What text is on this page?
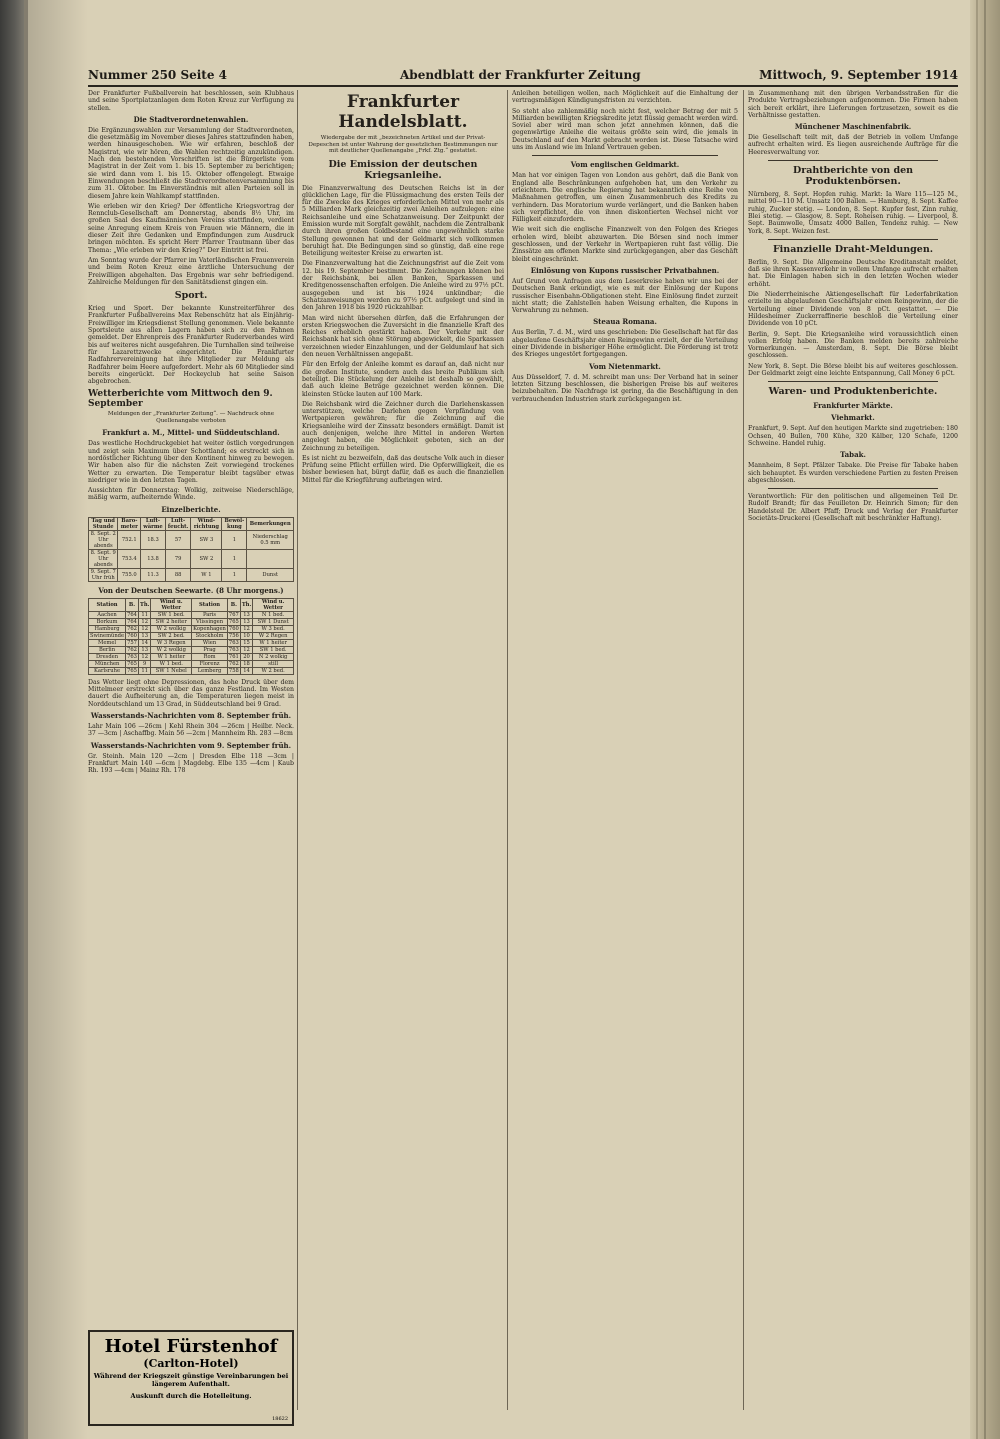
Nummer 250 Seite 4	Abendblatt der Frankfurter Zeitung	Mittwoch, 9. September 1914

Der Frankfurter Fußballverein hat beschlossen, sein Klubhaus und seine Sportplatzanlagen dem Roten Kreuz zur Verfügung zu stellen.

Die Stadtverordnetenwahlen.

Die Ergänzungswahlen zur Versammlung der Stadtverordneten, die gesetzmäßig im November dieses Jahres stattzufinden haben, werden hinausgeschoben. Wie wir erfahren, beschloß der Magistrat, wie wir hören, die Wahlen rechtzeitig anzukündigen. Nach den bestehenden Vorschriften ist die Bürgerliste vom Magistrat in der Zeit vom 1. bis 15. September zu berichtigen; sie wird dann vom 1. bis 15. Oktober offengelegt. Etwaige Einwendungen beschließt die Stadtverordnetenversammlung bis zum 31. Oktober. Im Einverständnis mit allen Parteien soll in diesem Jahre kein Wahlkampf stattfinden.

Wie erleben wir den Krieg? Der öffentliche Kriegsvortrag der Rennclub-Gesellschaft am Donnerstag, abends 8½ Uhr, im großen Saal des Kaufmännischen Vereins stattfinden, verdient seine Anregung einem Kreis von Frauen wie Männern, die in dieser Zeit ihre Gedanken und Empfindungen zum Ausdruck bringen möchten. Es spricht Herr Pfarrer Trautmann über das Thema: „Wie erleben wir den Krieg?“ Der Eintritt ist frei.

Am Sonntag wurde der Pfarrer im Vaterländischen Frauenverein und beim Roten Kreuz eine ärztliche Untersuchung der Freiwilligen abgehalten. Das Ergebnis war sehr befriedigend. Zahlreiche Meldungen für den Sanitätsdienst gingen ein.

Sport.

Krieg und Sport. Der bekannte Kunstreiterführer des Frankfurter Fußballvereins Max Rebenschütz hat als Einjährig-Freiwilliger im Kriegsdienst Stellung genommen. Viele bekannte Sportsleute aus allen Lagern haben sich zu den Fahnen gemeldet. Der Ehrenpreis des Frankfurter Ruderverbandes wird bis auf weiteres nicht ausgefahren. Die Turnhallen sind teilweise für Lazarettzwecke eingerichtet. Die Frankfurter Radfahrervereinigung hat ihre Mitglieder zur Meldung als Radfahrer beim Heere aufgefordert. Mehr als 60 Mitglieder sind bereits eingerückt. Der Hockeyclub hat seine Saison abgebrochen.

Wetterberichte vom Mittwoch den 9. September
Meldungen der „Frankfurter Zeitung“. — Nachdruck ohne Quellenangabe verboten
Frankfurt a. M., Mittel- und Süddeutschland.

Das westliche Hochdruckgebiet hat weiter östlich vorgedrungen und zeigt sein Maximum über Schottland; es erstreckt sich in nordöstlicher Richtung über den Kontinent hinweg zu bewegen. Wir haben also für die nächsten Zeit vorwiegend trockenes Wetter zu erwarten. Die Temperatur bleibt tagsüber etwas niedriger wie in den letzten Tagen.

Aussichten für Donnerstag: Wolkig, zeitweise Niederschläge, mäßig warm, aufheiternde Winde.

Einzelberichte.
Tag und Stunde	Baro-meter	Luft-wärme	Luft-feucht.	Wind-richtung	Bewöl-kung	Bemerkungen
8. Sept. 2 Uhr abends	752.1	18.3	57	SW 3	1	Niederschlag 0.5 mm
8. Sept. 9 Uhr abends	753.4	13.8	79	SW 2	1	
9. Sept. 7 Uhr früh	755.0	11.3	88	W 1	1	Dunst
Von der Deutschen Seewarte. (8 Uhr morgens.)
Station	B.	Th.	Wind u. Wetter	Station	B.	Th.	Wind u. Wetter
Aachen	764	11	SW 1 bed.	Paris	767	13	N 1 bed.
Borkum	764	12	SW 2 heiter	Vlissingen	765	13	SW 1 Dunst
Hamburg	762	12	W 2 wolkig	Kopenhagen	760	12	W 3 bed.
Swinemünde	760	13	SW 2 bed.	Stockholm	756	10	W 2 Regen
Memel	757	14	W 3 Regen	Wien	763	15	W 1 heiter
Berlin	762	13	W 2 wolkig	Prag	763	12	SW 1 bed.
Dresden	763	12	W 1 heiter	Rom	761	20	N 2 wolkig
München	765	9	W 1 bed.	Florenz	762	18	still
Karlsruhe	765	11	SW 1 Nebel	Lemberg	758	14	W 2 bed.

Das Wetter liegt ohne Depressionen, das hohe Druck über dem Mittelmeer erstreckt sich über das ganze Festland. Im Westen dauert die Aufheiterung an, die Temperaturen liegen meist in Norddeutschland um 13 Grad, in Süddeutschland bei 9 Grad.

Wasserstands-Nachrichten vom 8. September früh.

Lahr Main 106 —26cm | Kehl Rhein 304 —26cm | Heilbr. Neck. 37 —3cm | Aschaffbg. Main 56 —2cm | Mannheim Rh. 283 —8cm

Wasserstands-Nachrichten vom 9. September früh.

Gr. Steinh. Main 120 —2cm | Dresden Elbe 118 —3cm | Frankfurt Main 140 —6cm | Magdebg. Elbe 135 —4cm | Kaub Rh. 193 —4cm | Mainz Rh. 178

Hotel Fürstenhof
(Carlton-Hotel)
Während der Kriegszeit günstige Vereinbarungen bei längerem Aufenthalt.
Auskunft durch die Hotelleitung.
18622
Frankfurter Handelsblatt.
Wiedergabe der mit „bezeichneten Artikel und der Privat-Depeschen ist unter Wahrung der gesetzlichen Bestimmungen nur mit deutlicher Quellenangabe „Frkf. Ztg.“ gestattet.
Die Emission der deutschen Kriegsanleihe.

Die Finanzverwaltung des Deutschen Reichs ist in der glücklichen Lage, für die Flüssigmachung des ersten Teils der für die Zwecke des Krieges erforderlichen Mittel von mehr als 5 Milliarden Mark gleichzeitig zwei Anleihen aufzulegen: eine Reichsanleihe und eine Schatzanweisung. Der Zeitpunkt der Emission wurde mit Sorgfalt gewählt, nachdem die Zentralbank durch ihren großen Goldbestand eine ungewöhnlich starke Stellung gewonnen hat und der Geldmarkt sich vollkommen beruhigt hat. Die Bedingungen sind so günstig, daß eine rege Beteiligung weitester Kreise zu erwarten ist.

Die Finanzverwaltung hat die Zeichnungsfrist auf die Zeit vom 12. bis 19. September bestimmt. Die Zeichnungen können bei der Reichsbank, bei allen Banken, Sparkassen und Kreditgenossenschaften erfolgen. Die Anleihe wird zu 97½ pCt. ausgegeben und ist bis 1924 unkündbar; die Schatzanweisungen werden zu 97½ pCt. aufgelegt und sind in den Jahren 1918 bis 1920 rückzahlbar.

Man wird nicht übersehen dürfen, daß die Erfahrungen der ersten Kriegswochen die Zuversicht in die finanzielle Kraft des Reiches erheblich gestärkt haben. Der Verkehr mit der Reichsbank hat sich ohne Störung abgewickelt, die Sparkassen verzeichnen wieder Einzahlungen, und der Geldumlauf hat sich den neuen Verhältnissen angepaßt.

Für den Erfolg der Anleihe kommt es darauf an, daß nicht nur die großen Institute, sondern auch das breite Publikum sich beteiligt. Die Stückelung der Anleihe ist deshalb so gewählt, daß auch kleine Beträge gezeichnet werden können. Die kleinsten Stücke lauten auf 100 Mark.

Die Reichsbank wird die Zeichner durch die Darlehenskassen unterstützen, welche Darlehen gegen Verpfändung von Wertpapieren gewähren; für die Zeichnung auf die Kriegsanleihe wird der Zinssatz besonders ermäßigt. Damit ist auch denjenigen, welche ihre Mittel in anderen Werten angelegt haben, die Möglichkeit geboten, sich an der Zeichnung zu beteiligen.

Es ist nicht zu bezweifeln, daß das deutsche Volk auch in dieser Prüfung seine Pflicht erfüllen wird. Die Opferwilligkeit, die es bisher bewiesen hat, bürgt dafür, daß es auch die finanziellen Mittel für die Kriegführung aufbringen wird.

Anleihen beteiligen wollen, nach Möglichkeit auf die Einhaltung der vertragsmäßigen Kündigungsfristen zu verzichten.

So steht also zahlenmäßig noch nicht fest, welcher Betrag der mit 5 Milliarden bewilligten Kriegskredite jetzt flüssig gemacht werden wird. Soviel aber wird man schon jetzt annehmen können, daß die gegenwärtige Anleihe die weitaus größte sein wird, die jemals in Deutschland auf den Markt gebracht worden ist. Diese Tatsache wird uns im Ausland wie im Inland Vertrauen geben.

Vom englischen Geldmarkt.

Man hat vor einigen Tagen von London aus gehört, daß die Bank von England alle Beschränkungen aufgehoben hat, um den Verkehr zu erleichtern. Die englische Regierung hat bekanntlich eine Reihe von Maßnahmen getroffen, um einen Zusammenbruch des Kredits zu verhindern. Das Moratorium wurde verlängert, und die Banken haben sich verpflichtet, die von ihnen diskontierten Wechsel nicht vor Fälligkeit einzufordern.

Wie weit sich die englische Finanzwelt von den Folgen des Krieges erholen wird, bleibt abzuwarten. Die Börsen sind noch immer geschlossen, und der Verkehr in Wertpapieren ruht fast völlig. Die Zinssätze am offenen Markte sind zurückgegangen, aber das Geschäft bleibt eingeschränkt.

Einlösung von Kupons russischer Privatbahnen.

Auf Grund von Anfragen aus dem Leserkreise haben wir uns bei der Deutschen Bank erkundigt, wie es mit der Einlösung der Kupons russischer Eisenbahn-Obligationen steht. Eine Einlösung findet zurzeit nicht statt; die Zahlstellen haben Weisung erhalten, die Kupons in Verwahrung zu nehmen.

Steaua Romana.

Aus Berlin, 7. d. M., wird uns geschrieben: Die Gesellschaft hat für das abgelaufene Geschäftsjahr einen Reingewinn erzielt, der die Verteilung einer Dividende in bisheriger Höhe ermöglicht. Die Förderung ist trotz des Krieges ungestört fortgegangen.

Vom Nietenmarkt.

Aus Düsseldorf, 7. d. M. schreibt man uns: Der Verband hat in seiner letzten Sitzung beschlossen, die bisherigen Preise bis auf weiteres beizubehalten. Die Nachfrage ist gering, da die Beschäftigung in den verbrauchenden Industrien stark zurückgegangen ist.

in Zusammenhang mit den übrigen Verbandsstraßen für die Produkte Vertragsbeziehungen aufgenommen. Die Firmen haben sich bereit erklärt, ihre Lieferungen fortzusetzen, soweit es die Verhältnisse gestatten.

Münchener Maschinenfabrik.

Die Gesellschaft teilt mit, daß der Betrieb in vollem Umfange aufrecht erhalten wird. Es liegen ausreichende Aufträge für die Heeresverwaltung vor.

Drahtberichte von den Produktenbörsen.

Nürnberg, 8. Sept. Hopfen ruhig. Markt: Ia Ware 115—125 M., mittel 90—110 M. Umsatz 100 Ballen. — Hamburg, 8. Sept. Kaffee ruhig, Zucker stetig. — London, 8. Sept. Kupfer fest, Zinn ruhig, Blei stetig. — Glasgow, 8. Sept. Roheisen ruhig. — Liverpool, 8. Sept. Baumwolle, Umsatz 4000 Ballen, Tendenz ruhig. — New York, 8. Sept. Weizen fest.

Finanzielle Draht-Meldungen.

Berlin, 9. Sept. Die Allgemeine Deutsche Kreditanstalt meldet, daß sie ihren Kassenverkehr in vollem Umfange aufrecht erhalten hat. Die Einlagen haben sich in den letzten Wochen wieder erhöht.

Die Niederrheinische Aktiengesellschaft für Lederfabrikation erzielte im abgelaufenen Geschäftsjahr einen Reingewinn, der die Verteilung einer Dividende von 8 pCt. gestattet. — Die Hildesheimer Zuckerraffinerie beschloß die Verteilung einer Dividende von 10 pCt.

Berlin, 9. Sept. Die Kriegsanleihe wird voraussichtlich einen vollen Erfolg haben. Die Banken melden bereits zahlreiche Vormerkungen. — Amsterdam, 8. Sept. Die Börse bleibt geschlossen.

New York, 8. Sept. Die Börse bleibt bis auf weiteres geschlossen. Der Geldmarkt zeigt eine leichte Entspannung, Call Money 6 pCt.

Waren- und Produktenberichte.
Frankfurter Märkte.
Viehmarkt.

Frankfurt, 9. Sept. Auf den heutigen Markte sind zugetrieben: 180 Ochsen, 40 Bullen, 700 Kühe, 320 Kälber, 120 Schafe, 1200 Schweine. Handel ruhig.

Tabak.

Mannheim, 8 Sept. Pfälzer Tabake. Die Preise für Tabake haben sich behauptet. Es wurden verschiedene Partien zu festen Preisen abgeschlossen.

Verantwortlich: Für den politischen und allgemeinen Teil Dr. Rudolf Brandt; für das Feuilleton Dr. Heinrich Simon; für den Handelsteil Dr. Albert Pfaff; Druck und Verlag der Frankfurter Societäts-Druckerei (Gesellschaft mit beschränkter Haftung).
